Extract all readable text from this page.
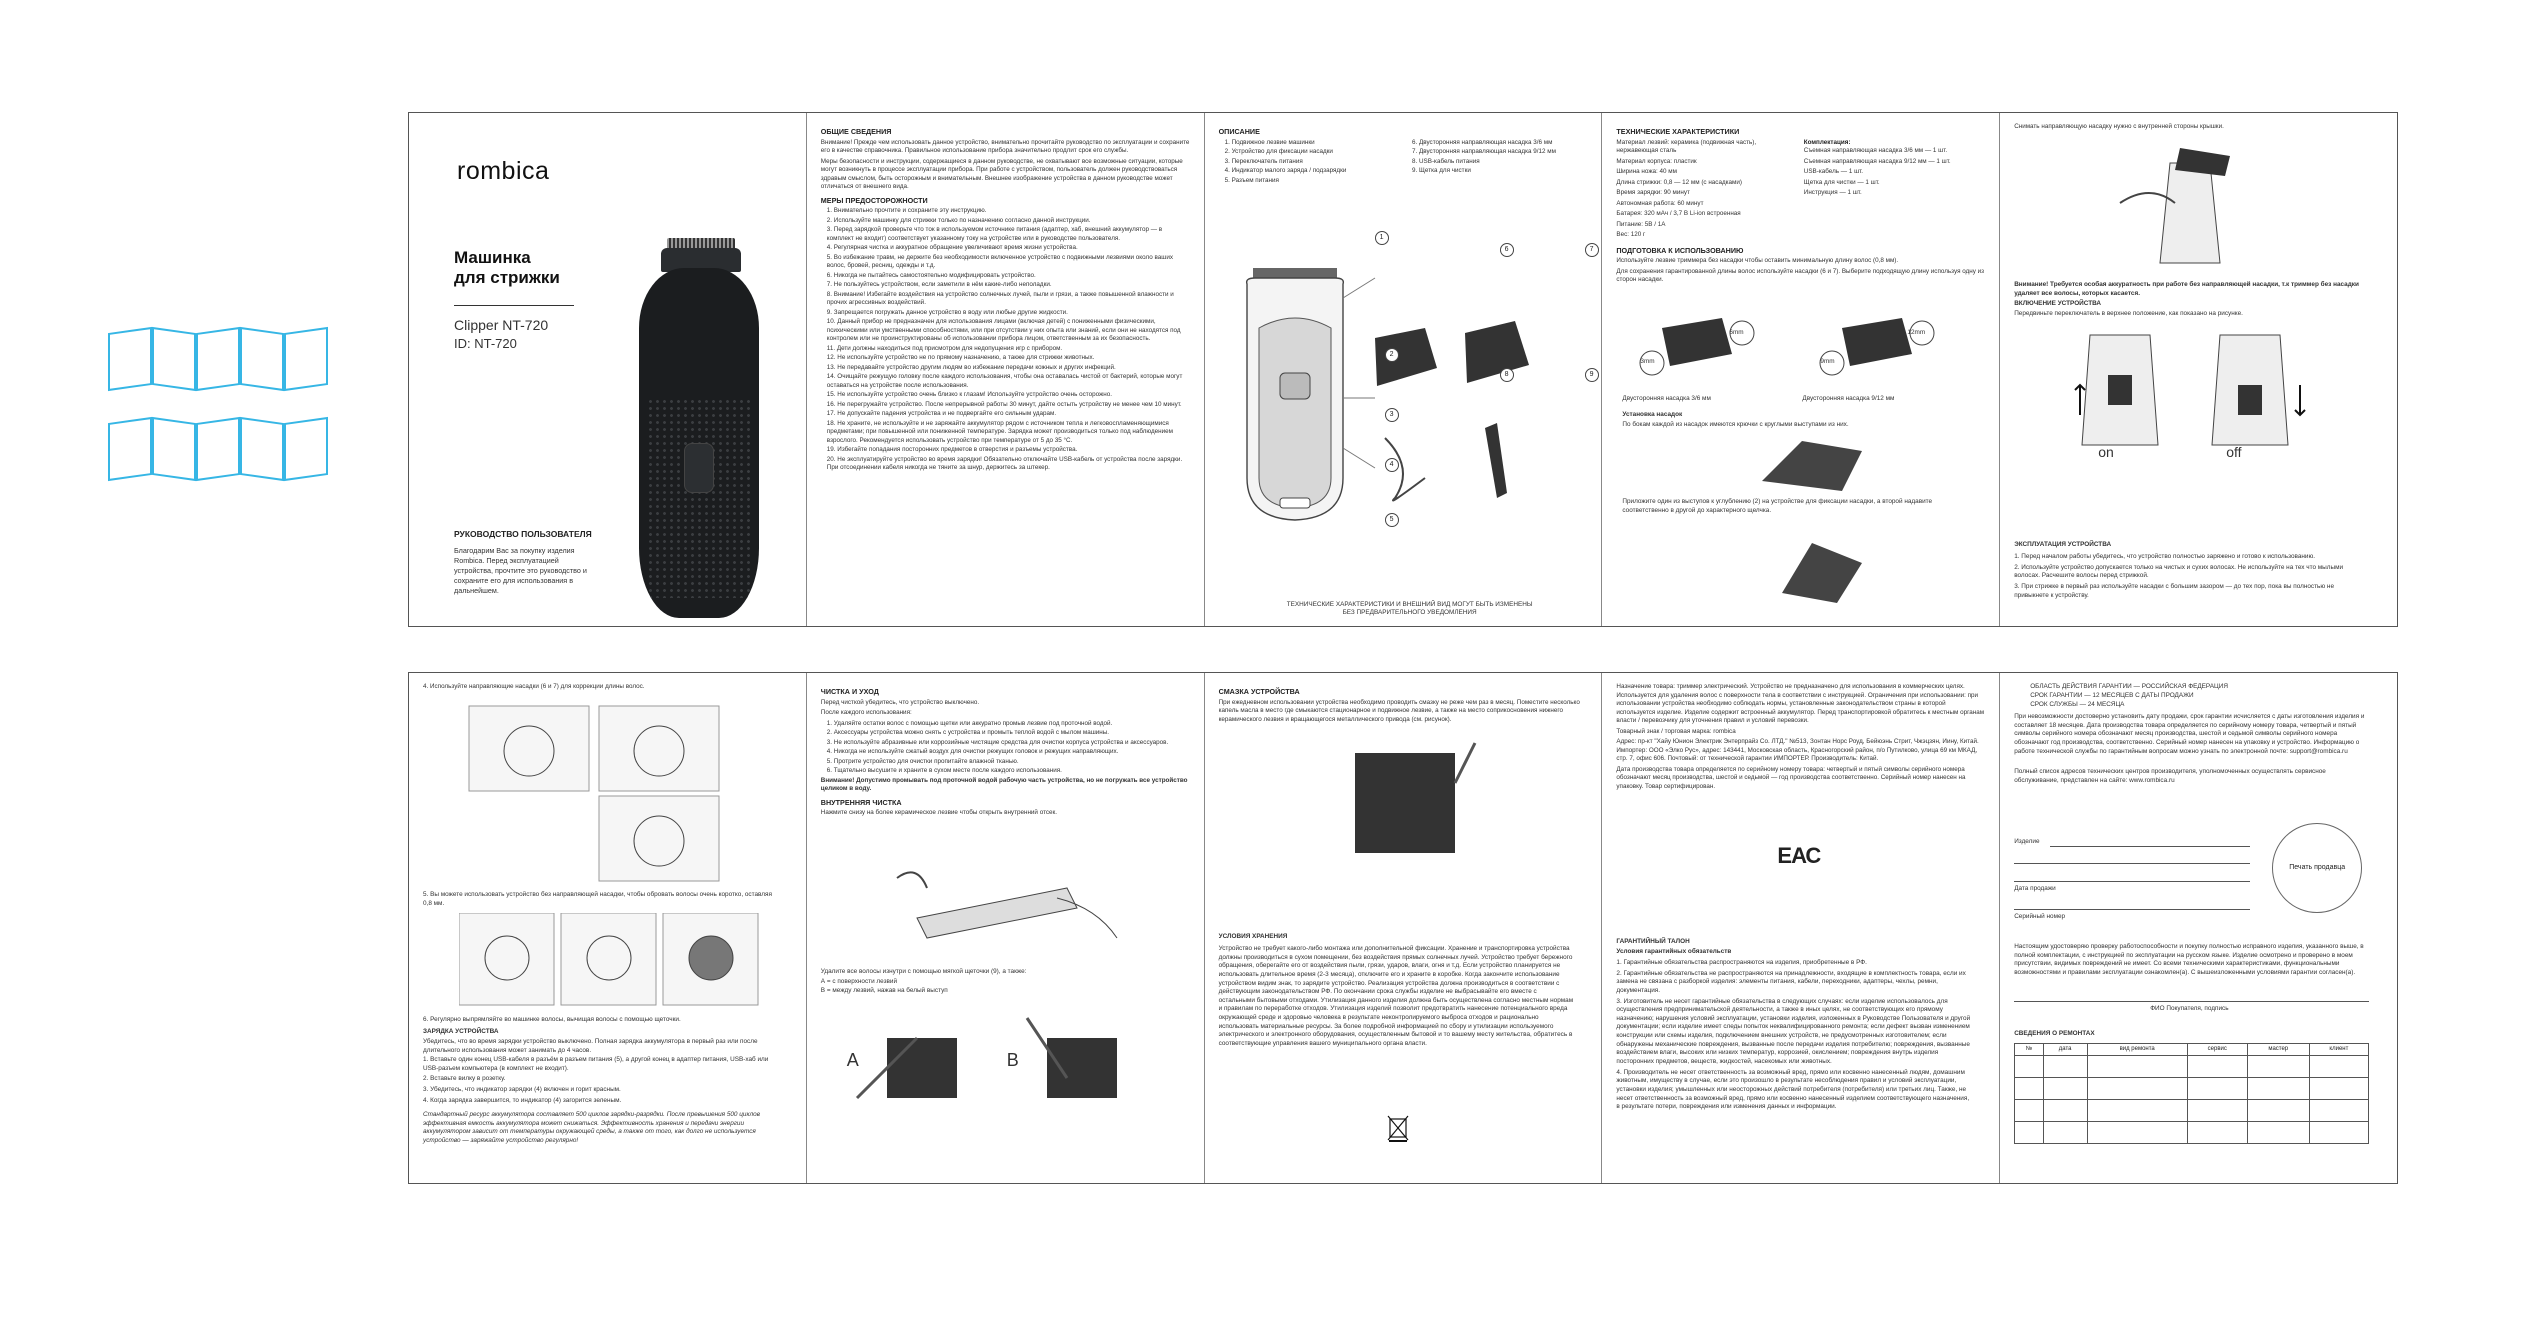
rombica
Машинка
для стрижки
Clipper NT-720
ID: NT-720
РУКОВОДСТВО ПОЛЬЗОВАТЕЛЯ
Благодарим Вас за покупку изделия Rombica. Перед эксплуатацией устройства, прочтите это руководство и сохраните его для использования в дальнейшем.
ОБЩИЕ СВЕДЕНИЯ
Внимание! Прежде чем использовать данное устройство, внимательно прочитайте руководство по эксплуатации и сохраните его в качестве справочника. Правильное использование прибора значительно продлит срок его службы.
Меры безопасности и инструкции, содержащиеся в данном руководстве, не охватывают все возможные ситуации, которые могут возникнуть в процессе эксплуатации прибора. При работе с устройством, пользователь должен руководствоваться здравым смыслом, быть осторожным и внимательным. Внешнее изображение устройства в данном руководстве может отличаться от внешнего вида.
МЕРЫ ПРЕДОСТОРОЖНОСТИ
1. Внимательно прочтите и сохраните эту инструкцию.
2. Используйте машинку для стрижки только по назначению согласно данной инструкции.
3. Перед зарядкой проверьте что ток в используемом источнике питания (адаптер, хаб, внешний аккумулятор — в комплект не входит) соответствует указанному току на устройстве или в руководстве пользователя.
4. Регулярная чистка и аккуратное обращение увеличивают время жизни устройства.
5. Во избежание травм, не держите без необходимости включенное устройство с подвижными лезвиями около ваших волос, бровей, ресниц, одежды и т.д.
6. Никогда не пытайтесь самостоятельно модифицировать устройство.
7. Не пользуйтесь устройством, если заметили в нём какие-либо неполадки.
8. Внимание! Избегайте воздействия на устройство солнечных лучей, пыли и грязи, а также повышенной влажности и прочих агрессивных воздействий.
9. Запрещается погружать данное устройство в воду или любые другие жидкости.
10. Данный прибор не предназначен для использования лицами (включая детей) с пониженными физическими, психическими или умственными способностями, или при отсутствии у них опыта или знаний, если они не находятся под контролем или не проинструктированы об использовании прибора лицом, ответственным за их безопасность.
11. Дети должны находиться под присмотром для недопущения игр с прибором.
12. Не используйте устройство не по прямому назначению, а также для стрижки животных.
13. Не передавайте устройство другим людям во избежание передачи кожных и других инфекций.
14. Очищайте режущую головку после каждого использования, чтобы она оставалась чистой от бактерий, которые могут оставаться на устройстве после использования.
15. Не используйте устройство очень близко к глазам! Используйте устройство очень осторожно.
16. Не перегружайте устройство. После непрерывной работы 30 минут, дайте остыть устройству не менее чем 10 минут.
17. Не допускайте падения устройства и не подвергайте его сильным ударам.
18. Не храните, не используйте и не заряжайте аккумулятор рядом с источником тепла и легковоспламеняющимися предметами; при повышенной или пониженной температуре. Зарядка может производиться только под наблюдением взрослого. Рекомендуется использовать устройство при температуре от 5 до 35 °С.
19. Избегайте попадания посторонних предметов в отверстия и разъемы устройства.
20. Не эксплуатируйте устройство во время зарядки! Обязательно отключайте USB-кабель от устройства после зарядки. При отсоединении кабеля никогда не тяните за шнур, держитесь за штекер.
ОПИСАНИЕ
1. Подвижное лезвие машинки
2. Устройство для фиксации насадки
3. Переключатель питания
4. Индикатор малого заряда / подзарядки
5. Разъем питания
6. Двусторонняя направляющая насадка 3/6 мм
7. Двусторонняя направляющая насадка 9/12 мм
8. USB-кабель питания
9. Щетка для чистки
1
2
3
4
5
6	7
8	9
ТЕХНИЧЕСКИЕ ХАРАКТЕРИСТИКИ И ВНЕШНИЙ ВИД МОГУТ БЫТЬ ИЗМЕНЕНЫ
БЕЗ ПРЕДВАРИТЕЛЬНОГО УВЕДОМЛЕНИЯ
ТЕХНИЧЕСКИЕ ХАРАКТЕРИСТИКИ
Материал лезвий: керамика (подвижная часть), нержавеющая сталь
Материал корпуса: пластик
Ширина ножа: 40 мм
Длина стрижки: 0,8 — 12 мм (с насадками)
Время зарядки: 90 минут
Автономная работа: 60 минут
Батарея: 320 мАч / 3,7 В Li-ion встроенная
Питание: 5В / 1А
Вес: 120 г
Комплектация:
Съемная направляющая насадка 3/6 мм — 1 шт.
Съемная направляющая насадка 9/12 мм — 1 шт.
USB-кабель — 1 шт.
Щетка для чистки — 1 шт.
Инструкция — 1 шт.
ПОДГОТОВКА К ИСПОЛЬЗОВАНИЮ
Используйте лезвие триммера без насадки чтобы оставить минимальную длину волос (0,8 мм).
Для сохранения гарантированной длины волос используйте насадки (6 и 7). Выберите подходящую длину используя одну из сторон насадки.
3mm
6mm
9mm
12mm
Двусторонняя насадка 3/6 мм	Двусторонняя насадка 9/12 мм
Установка насадок
По бокам каждой из насадок имеются крючки с круглыми выступами из них.
Приложите один из выступов к углублению (2) на устройстве для фиксации насадки, а второй надавите соответственно в другой до характерного щелчка.
Снимать направляющую насадку нужно с внутренней стороны крышки.
Внимание! Требуется особая аккуратность при работе без направляющей насадки, т.к триммер без насадки удаляет все волосы, которых касается.
ВКЛЮЧЕНИЕ УСТРОЙСТВА
Передвиньте переключатель в верхнее положение, как показано на рисунке.
on	off
ЭКСПЛУАТАЦИЯ УСТРОЙСТВА
1. Перед началом работы убедитесь, что устройство полностью заряжено и готово к использованию.
2. Используйте устройство допускается только на чистых и сухих волосах. Не используйте на тех что мылыми волосах. Расчешите волосы перед стрижкой.
3. При стрижке в первый раз используйте насадки с большим зазором — до тех пор, пока вы полностью не привыкнете к устройству.
4. Используйте направляющие насадки (6 и 7) для коррекции длины волос.
5. Вы можете использовать устройство без направляющей насадки, чтобы обровать волосы очень коротко, оставляя 0,8 мм.
6. Регулярно выпрямляйте во машинке волосы, вычищая волосы с помощью щеточки.
ЗАРЯДКА УСТРОЙСТВА
Убедитесь, что во время зарядки устройство выключено. Полная зарядка аккумулятора в первый раз или после длительного использования может занимать до 4 часов.
1. Вставьте один конец USB-кабеля в разъём в разъем питания (5), а другой конец в адаптер питания, USB-хаб или USB-разъем компьютера (в комплект не входит).
2. Вставьте вилку в розетку.
3. Убедитесь, что индикатор зарядки (4) включен и горит красным.
4. Когда зарядка завершится, то индикатор (4) загорится зеленым.
Стандартный ресурс аккумулятора составляет 500 циклов зарядки-разрядки. После превышения 500 циклов эффективная емкость аккумулятора может снижаться. Эффективность хранения и передачи энергии аккумулятором зависит от температуры окружающей среды, а также от того, как долго не используется устройство — заряжайте устройство регулярно!
ЧИСТКА И УХОД
Перед чисткой убедитесь, что устройство выключено.
После каждого использования:
1. Удаляйте остатки волос с помощью щетки или аккуратно промыв лезвие под проточной водой.
2. Аксессуары устройства можно снять с устройства и промыть теплой водой с мылом машины.
3. Не используйте абразивные или коррозийные чистящие средства для очистки корпуса устройства и аксессуаров.
4. Никогда не используйте сжатый воздух для очистки режущих головок и режущих направляющих.
5. Протрите устройство для очистки пропитайте влажной тканью.
6. Тщательно высушите и храните в сухом месте после каждого использования.
Внимание! Допустимо промывать под проточной водой рабочую часть устройства, но не погружать все устройство целиком в воду.
ВНУТРЕННЯЯ ЧИСТКА
Нажмите снизу на более керамическое лезвие чтобы открыть внутренний отсек.
Удалите все волосы изнутри с помощью мягкой щеточки (9), а также:
А = с поверхности лезвий
В = между лезвий, нажав на белый выступ
A	B
СМАЗКА УСТРОЙСТВА
При ежедневном использовании устройства необходимо проводить смазку не реже чем раз в месяц. Поместите несколько капель масла в место где смыкаются стационарное и подвижное лезвие, а также на место соприкосновения нижнего керамического лезвия и вращающегося металлического привода (см. рисунок).
УСЛОВИЯ ХРАНЕНИЯ
Устройство не требует какого-либо монтажа или дополнительной фиксации. Хранение и транспортировка устройства должны производиться в сухом помещении, без воздействия прямых солнечных лучей. Устройство требует бережного обращения, оберегайте его от воздействия пыли, грязи, ударов, влаги, огня и т.д. Если устройство планируется не использовать длительное время (2-3 месяца), отключите его и храните в коробке. Когда закончите использование устройством видим знак, то зарядите устройство. Реализация устройства должна производиться в соответствии с действующим законодательством РФ. По окончании срока службы изделие не выбрасывайте его вместе с остальными бытовыми отходами. Утилизация данного изделия должна быть осуществлена согласно местным нормам и правилам по переработке отходов. Утилизация изделий позволит предотвратить нанесение потенциального вреда окружающей среде и здоровью человека в результате неконтролируемого выброса отходов и рационально использовать материальные ресурсы. За более подробной информацией по сбору и утилизации используемого электрического и электронного оборудования, осуществленным бытовой и то вашему месту жительства, обратитесь в соответствующие управления вашего муниципального органа власти.
Назначение товара: триммер электрический. Устройство не предназначено для использования в коммерческих целях. Используется для удаления волос с поверхности тела в соответствии с инструкцией. Ограничения при использовании: при использовании устройства необходимо соблюдать нормы, установленные законодательством страны в которой используется изделие. Изделие содержит встроенный аккумулятор. Перед транспортировкой обратитесь к местным органам власти / перевозчику для уточнения правил и условий перевозки.
Товарный знак / торговая марка: rombica
Адрес: пр-кт "Хайу Юнион Электрик Энтерпрайз Со. ЛТД." №513, Зонтан Норс Роуд, Бейюэнь Стрит, Чжэцзян, Иину, Китай. Импортер: ООО «Элко Рус», адрес: 143441, Московская область, Красногорский район, п/о Путилково, улица 69 км МКАД, стр. 7, офис 606. Почтовый: от технической гарантии ИМПОРТЕР. Производитель: Китай.
Дата производства товара определяется по серийному номеру товара: четвертый и пятый символы серийного номера обозначают месяц производства, шестой и седьмой — год производства соответственно. Серийный номер нанесен на упаковку. Товар сертифицирован.
ЕАС
ГАРАНТИЙНЫЙ ТАЛОН
Условия гарантийных обязательств
1. Гарантийные обязательства распространяются на изделия, приобретенные в РФ.
2. Гарантийные обязательства не распространяются на принадлежности, входящие в комплектность товара, если их замена не связана с разборкой изделия: элементы питания, кабели, переходники, адаптеры, чехлы, ремни, документация.
3. Изготовитель не несет гарантийные обязательства в следующих случаях: если изделие использовалось для осуществления предпринимательской деятельности, а также в иных целях, не соответствующих его прямому назначению; нарушения условий эксплуатации, установки изделия, изложенных в Руководстве Пользователя и другой документации; если изделие имеет следы попыток неквалифицированного ремонта; если дефект вызван изменением конструкции или схемы изделия, подключением внешних устройств, не предусмотренных изготовителем; если обнаружены механические повреждения, вызванные после передачи изделия потребителю; повреждения, вызванные воздействием влаги, высоких или низких температур, коррозией, окислением; повреждения внутрь изделия посторонних предметов, веществ, жидкостей, насекомых или животных.
4. Производитель не несет ответственность за возможный вред, прямо или косвенно нанесенный людям, домашним животным, имуществу в случае, если это произошло в результате несоблюдения правил и условий эксплуатации, установки изделия; умышленных или неосторожных действий потребителя (потребителя) или третьих лиц. Также, не несет ответственность за возможный вред, прямо или косвенно нанесенный изделием соответствующего назначения, в результате потери, повреждения или изменения данных и информации.
ОБЛАСТЬ ДЕЙСТВИЯ ГАРАНТИИ — РОССИЙСКАЯ ФЕДЕРАЦИЯ
СРОК ГАРАНТИИ — 12 МЕСЯЦЕВ С ДАТЫ ПРОДАЖИ
СРОК СЛУЖБЫ — 24 МЕСЯЦА
При невозможности достоверно установить дату продажи, срок гарантии исчисляется с даты изготовления изделия и составляет 18 месяцев. Дата производства товара определяется по серийному номеру товара, четвертый и пятый символы серийного номера обозначают месяц производства, шестой и седьмой символы серийного номера обозначают год производства, соответственно. Серийный номер нанесен на упаковку и устройство. Информацию о работе технической службы по гарантийным вопросам можно узнать по электронной почте: support@rombica.ru
Полный список адресов технических центров производителя, уполномоченных осуществлять сервисное обслуживание, представлен на сайте: www.rombica.ru
Изделие
Дата продажи
Серийный номер
Печать продавца
Настоящим удостоверяю проверку работоспособности и покупку полностью исправного изделия, указанного выше, в полной комплектации, с инструкцией по эксплуатации на русском языке. Изделие осмотрено и проверено в моем присутствии, видимых повреждений не имеет. Со всеми техническими характеристиками, функциональными возможностями и правилами эксплуатации ознакомлен(а). С вышеизложенными условиями гарантии согласен(а).
ФИО Покупателя, подпись
СВЕДЕНИЯ О РЕМОНТАХ
№	дата	вид ремонта	сервис	мастер	клиент
